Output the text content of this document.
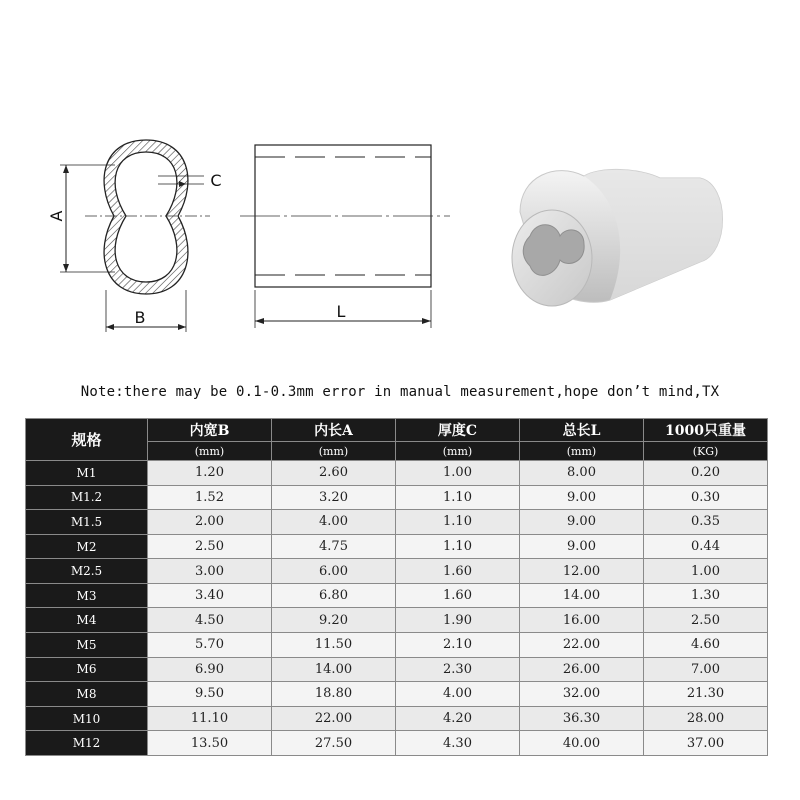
A
B
C
L
Note:there may be 0.1-0.3mm error in manual measurement,hope don’t mind,TX
规格	内宽B	内长A	厚度C	总长L	1000只重量
	(mm)	(mm)	(mm)	(mm)	(KG)
M1	1.20	2.60	1.00	8.00	0.20
M1.2	1.52	3.20	1.10	9.00	0.30
M1.5	2.00	4.00	1.10	9.00	0.35
M2	2.50	4.75	1.10	9.00	0.44
M2.5	3.00	6.00	1.60	12.00	1.00
M3	3.40	6.80	1.60	14.00	1.30
M4	4.50	9.20	1.90	16.00	2.50
M5	5.70	11.50	2.10	22.00	4.60
M6	6.90	14.00	2.30	26.00	7.00
M8	9.50	18.80	4.00	32.00	21.30
M10	11.10	22.00	4.20	36.30	28.00
M12	13.50	27.50	4.30	40.00	37.00
